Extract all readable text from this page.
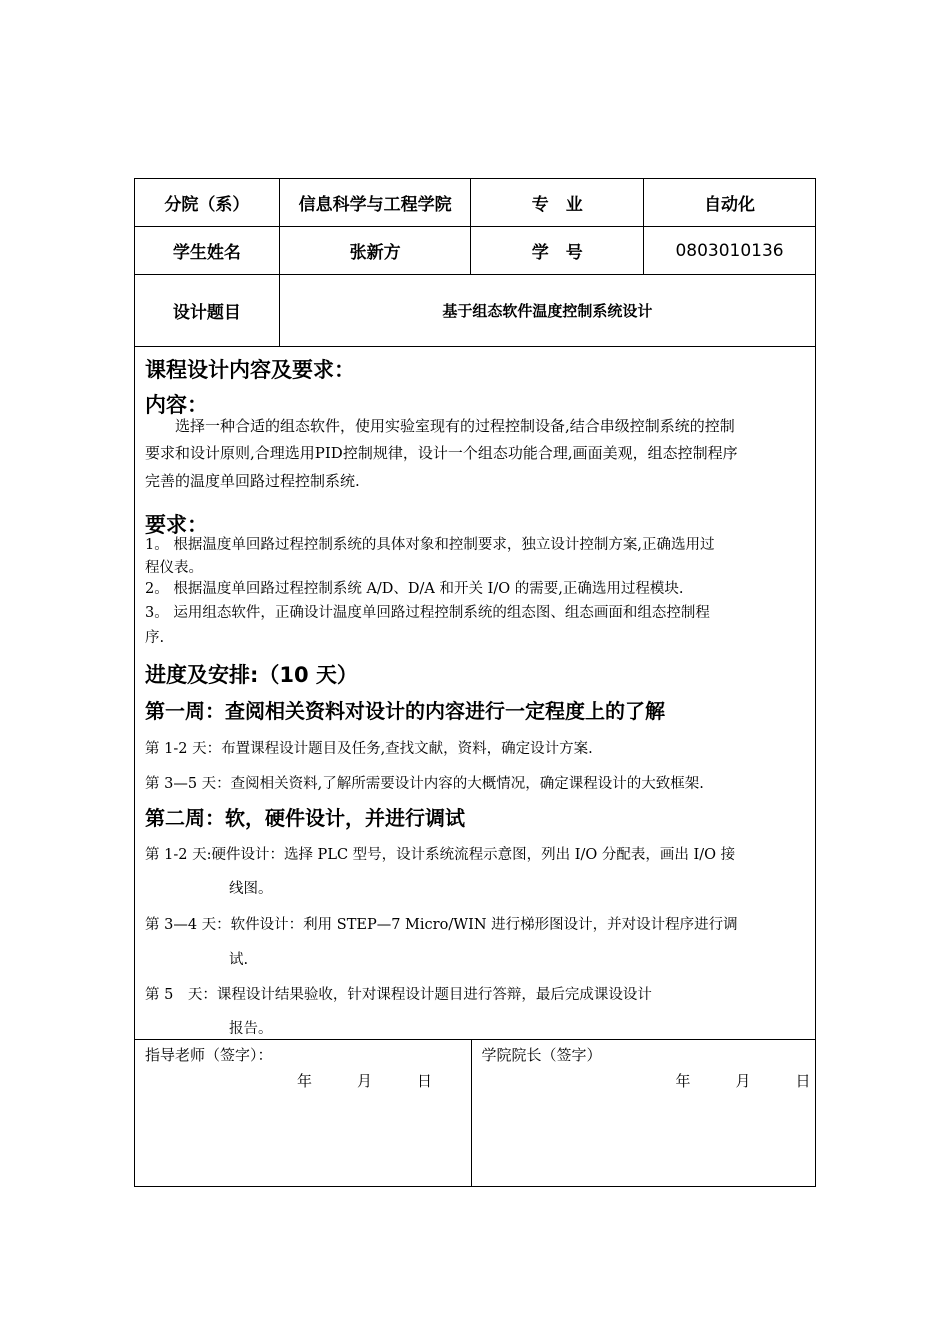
分院（系）	信息科学与工程学院	专　业	自动化
学生姓名	张新方	学　号	0803010136
设计题目	基于组态软件温度控制系统设计		
课程设计内容及要求：
内容：
　　选择一种合适的组态软件，使用实验室现有的过程控制设备,结合串级控制系统的控制
要求和设计原则,合理选用PID控制规律，设计一个组态功能合理,画面美观，组态控制程序
完善的温度单回路过程控制系统.
要求：
1。 根据温度单回路过程控制系统的具体对象和控制要求，独立设计控制方案,正确选用过
程仪表。
2。 根据温度单回路过程控制系统 A/D、D/A 和开关 I/O 的需要,正确选用过程模块.
3。 运用组态软件，正确设计温度单回路过程控制系统的组态图、组态画面和组态控制程
序.
进度及安排:（10 天）
第一周：查阅相关资料对设计的内容进行一定程度上的了解
第 1-2 天：布置课程设计题目及任务,查找文献，资料，确定设计方案.
第 3—5 天：查阅相关资料,了解所需要设计内容的大概情况，确定课程设计的大致框架.
第二周：软，硬件设计，并进行调试
第 1-2 天:硬件设计：选择 PLC 型号，设计系统流程示意图，列出 I/O 分配表，画出 I/O 接
线图。
第 3—4 天：软件设计：利用 STEP—7 Micro/WIN 进行梯形图设计，并对设计程序进行调
试.
第 5　天：课程设计结果验收，针对课程设计题目进行答辩，最后完成课设设计
报告。
指导老师（签字）：
年　　　月　　　日

学院院长（签字）
年　　　月　　　日
